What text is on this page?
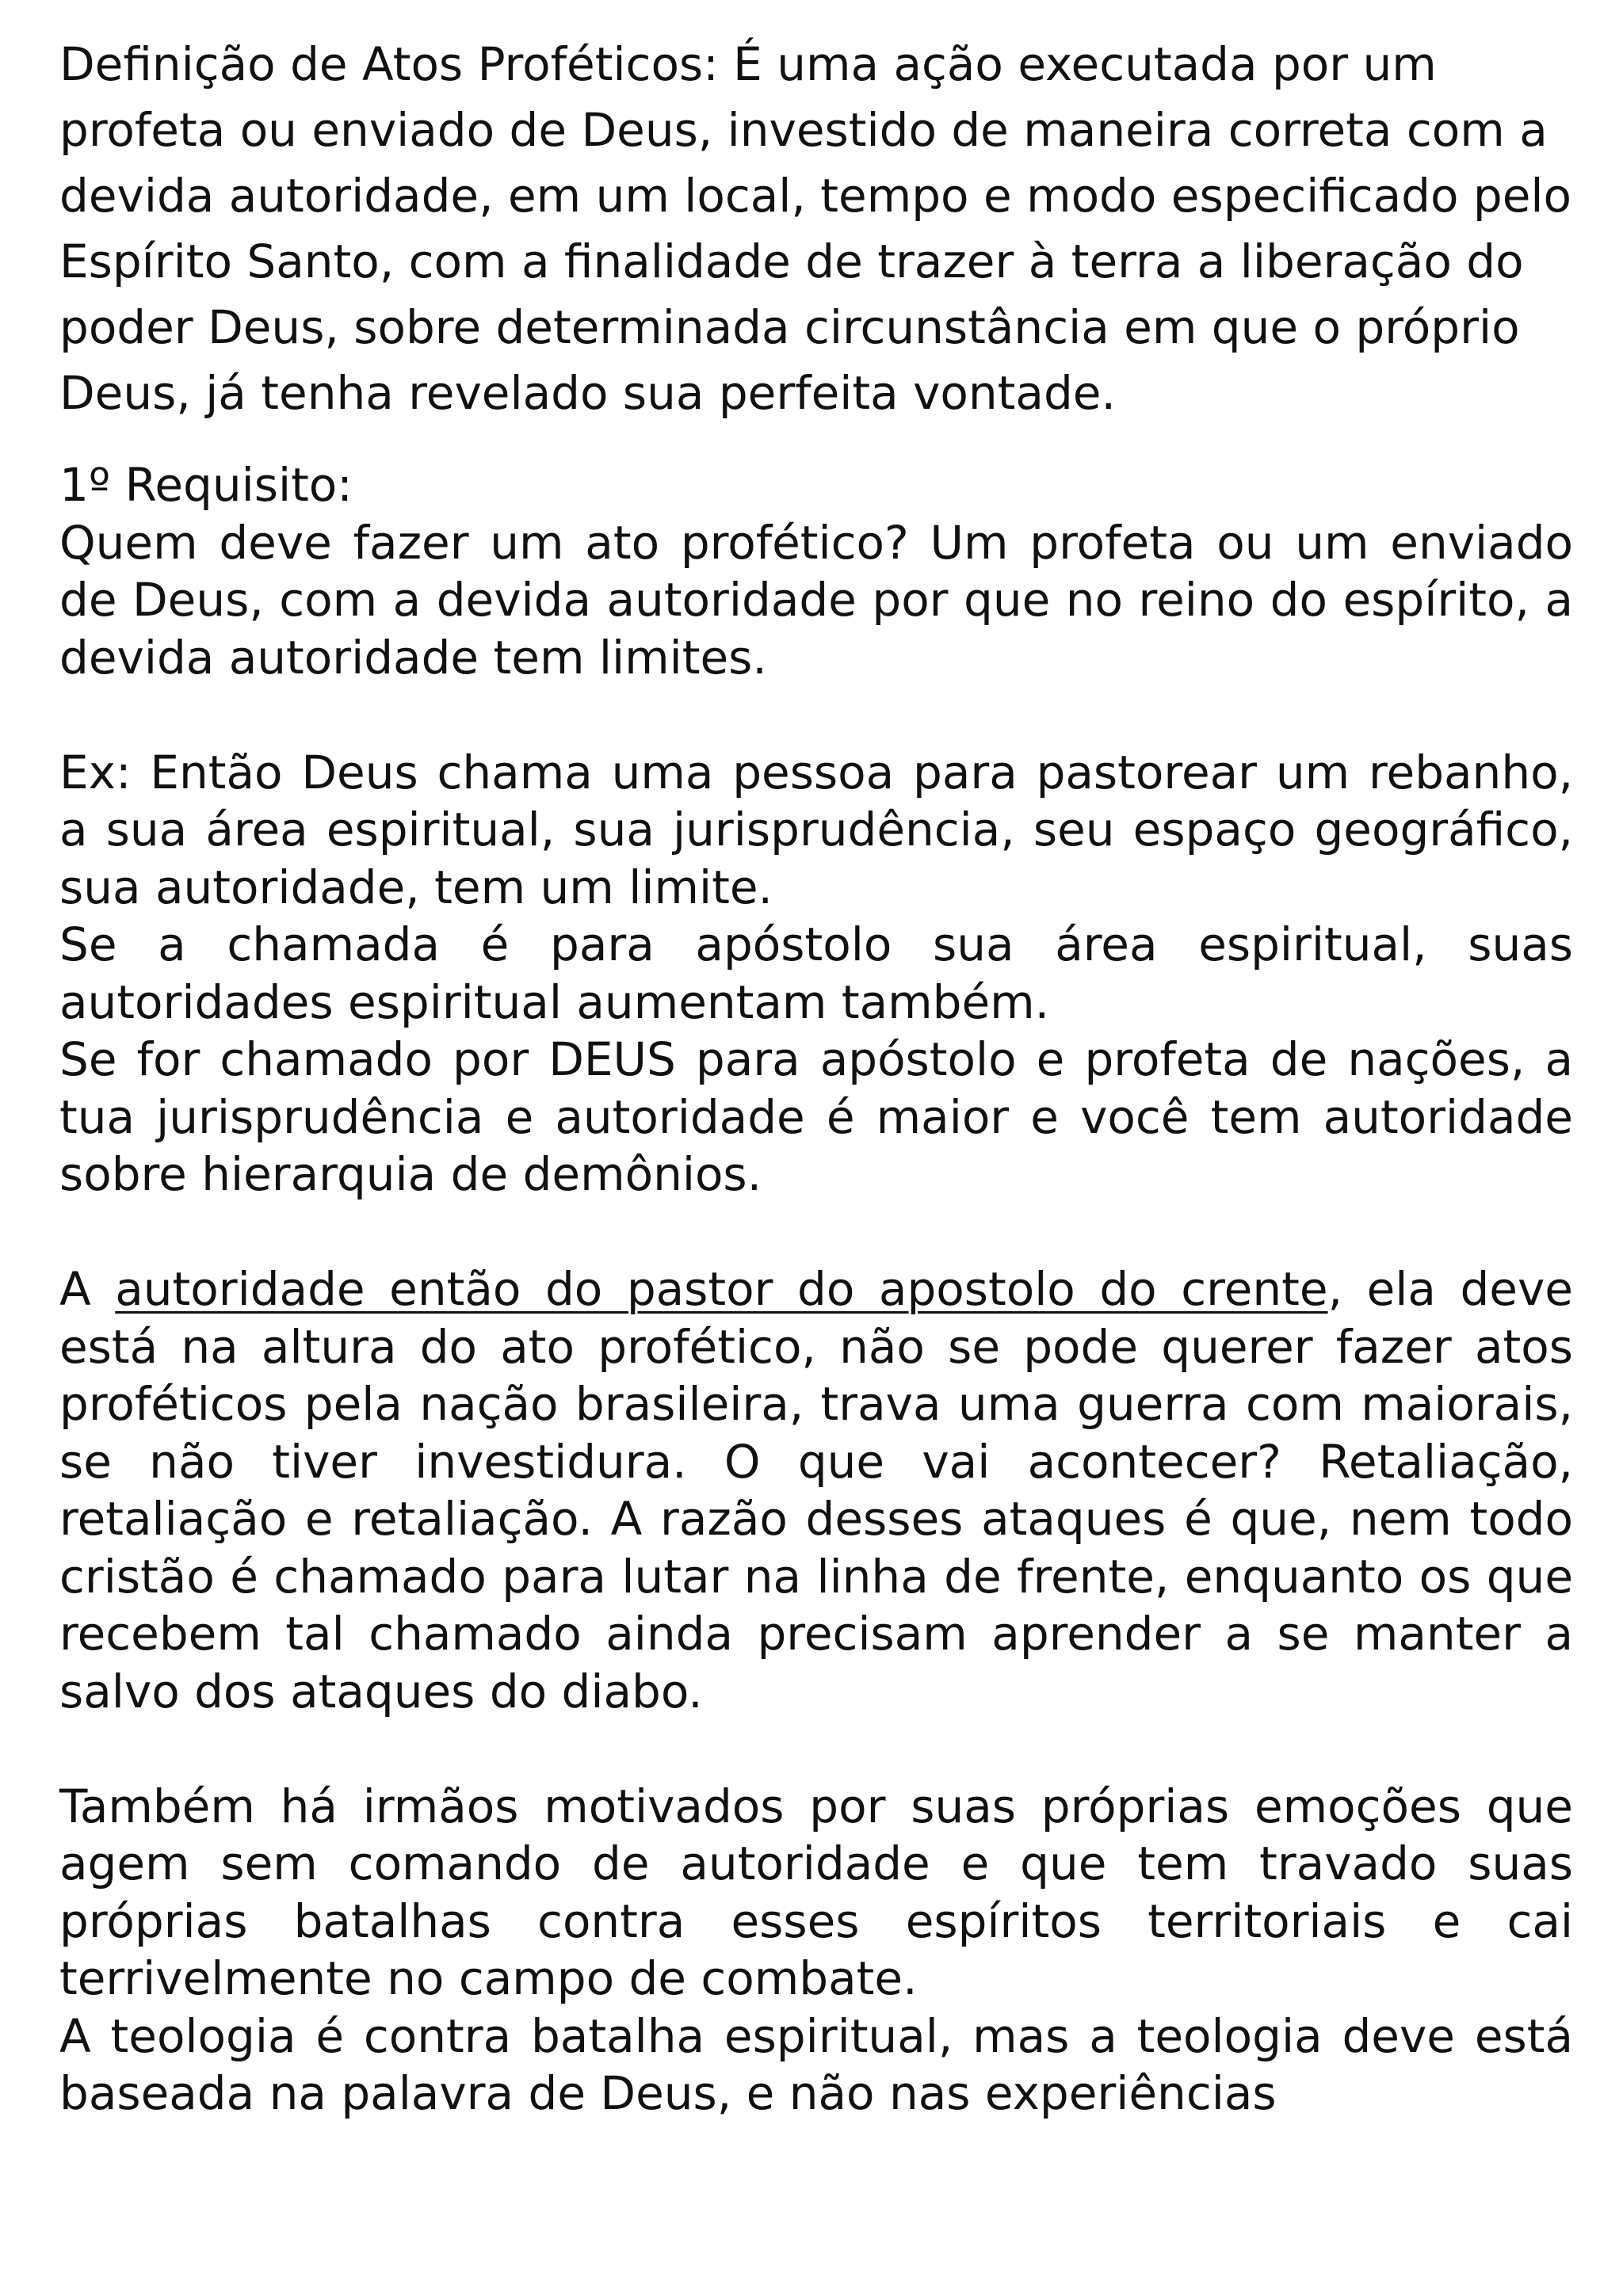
Definição de Atos Proféticos: É uma ação executada por um profeta ou enviado de Deus, investido de maneira correta com a devida autoridade, em um local, tempo e modo especificado pelo Espírito Santo, com a finalidade de trazer à terra a liberação do poder Deus, sobre determinada circunstância em que o próprio Deus, já tenha revelado sua perfeita vontade.

1º Requisito:

Quem deve fazer um ato profético? Um profeta ou um enviado de Deus, com a devida autoridade por que no reino do espírito, a devida autoridade tem limites.

Ex: Então Deus chama uma pessoa para pastorear um rebanho, a sua área espiritual, sua jurisprudência, seu espaço geográfico, sua autoridade, tem um limite.

Se a chamada é para apóstolo sua área espiritual, suas autoridades espiritual aumentam também.

Se for chamado por DEUS para apóstolo e profeta de nações, a tua jurisprudência e autoridade é maior e você tem autoridade sobre hierarquia de demônios.

A autoridade então do pastor do apostolo do crente, ela deve está na altura do ato profético, não se pode querer fazer atos proféticos pela nação brasileira, trava uma guerra com maiorais, se não tiver investidura. O que vai acontecer? Retaliação, retaliação e retaliação. A razão desses ataques é que, nem todo cristão é chamado para lutar na linha de frente, enquanto os que recebem tal chamado ainda precisam aprender a se manter a salvo dos ataques do diabo.

Também há irmãos motivados por suas próprias emoções que agem sem comando de autoridade e que tem travado suas próprias batalhas contra esses espíritos territoriais e cai terrivelmente no campo de combate.

A teologia é contra batalha espiritual, mas a teologia deve está baseada na palavra de Deus, e não nas experiências
